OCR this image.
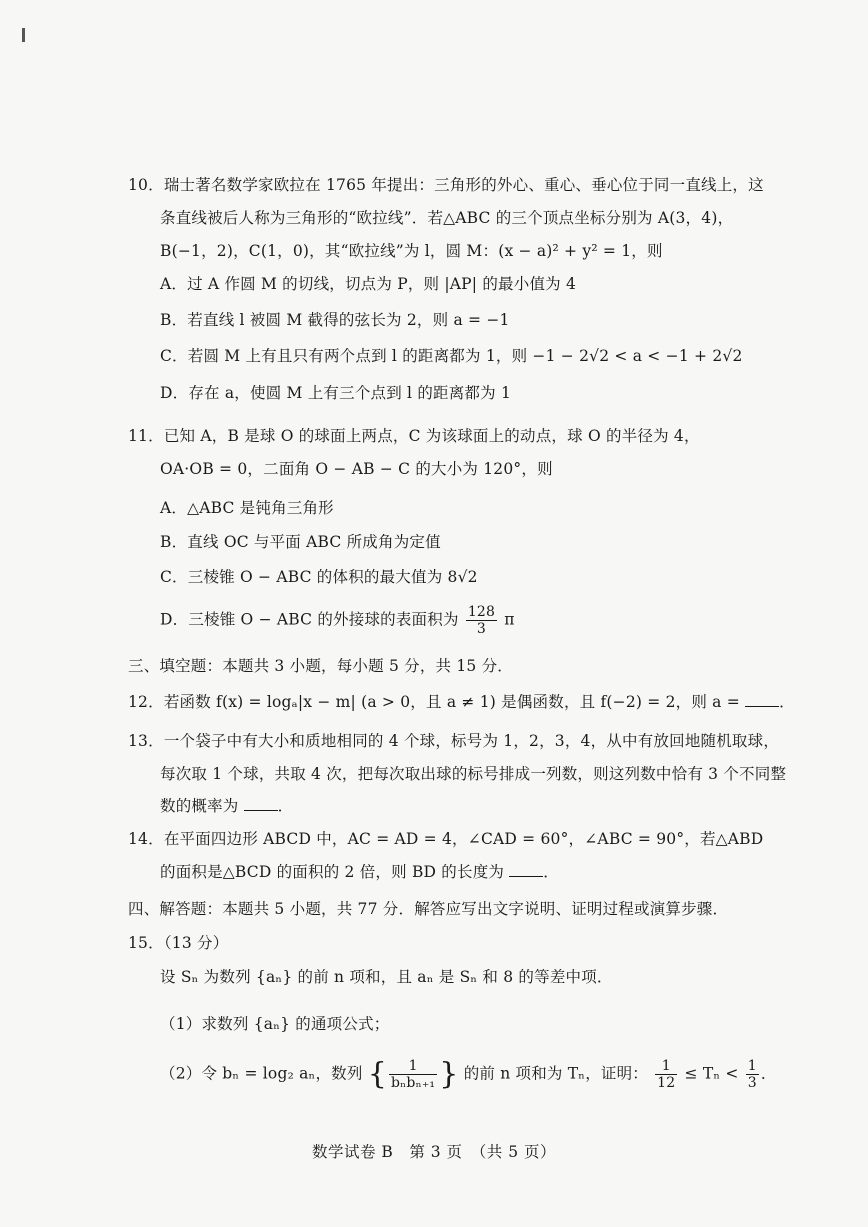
10．瑞士著名数学家欧拉在 1765 年提出：三角形的外心、重心、垂心位于同一直线上，这
条直线被后人称为三角形的“欧拉线”．若△ABC 的三个顶点坐标分别为 A(3，4)，
B(−1，2)，C(1，0)，其“欧拉线”为 l，圆 M：(x − a)² + y² = 1，则
A．过 A 作圆 M 的切线，切点为 P，则 |AP| 的最小值为 4
B．若直线 l 被圆 M 截得的弦长为 2，则 a = −1
C．若圆 M 上有且只有两个点到 l 的距离都为 1，则 −1 − 2√2 < a < −1 + 2√2
D．存在 a，使圆 M 上有三个点到 l 的距离都为 1
11．已知 A，B 是球 O 的球面上两点，C 为该球面上的动点，球 O 的半径为 4，
OA·OB = 0，二面角 O − AB − C 的大小为 120°，则
A．△ABC 是钝角三角形
B．直线 OC 与平面 ABC 所成角为定值
C．三棱锥 O − ABC 的体积的最大值为 8√2
D．三棱锥 O − ABC 的外接球的表面积为 $\frac{128}{3}$ π
三、填空题：本题共 3 小题，每小题 5 分，共 15 分．
12．若函数 f(x) = logₐ|x − m| (a > 0，且 a ≠ 1) 是偶函数，且 f(−2) = 2，则 a =	．
13．一个袋子中有大小和质地相同的 4 个球，标号为 1，2，3，4，从中有放回地随机取球，
每次取 1 个球，共取 4 次，把每次取出球的标号排成一列数，则这列数中恰有 3 个不同整
数的概率为	．
14．在平面四边形 ABCD 中，AC = AD = 4，∠CAD = 60°，∠ABC = 90°，若△ABD
的面积是△BCD 的面积的 2 倍，则 BD 的长度为	．
四、解答题：本题共 5 小题，共 77 分．解答应写出文字说明、证明过程或演算步骤．
15．（13 分）
设 Sₙ 为数列 {aₙ} 的前 n 项和，且 aₙ 是 Sₙ 和 8 的等差中项．
（1）求数列 {aₙ} 的通项公式；
（2）令 bₙ = log₂ aₙ，数列 { $\frac{1}{\text{bₙbₙ₊₁}}$ } 的前 n 项和为 Tₙ，证明： $\frac{1}{12} \le T_n < \frac{1}{3}$ ．
数学试卷 B　第 3 页　（共 5 页）
